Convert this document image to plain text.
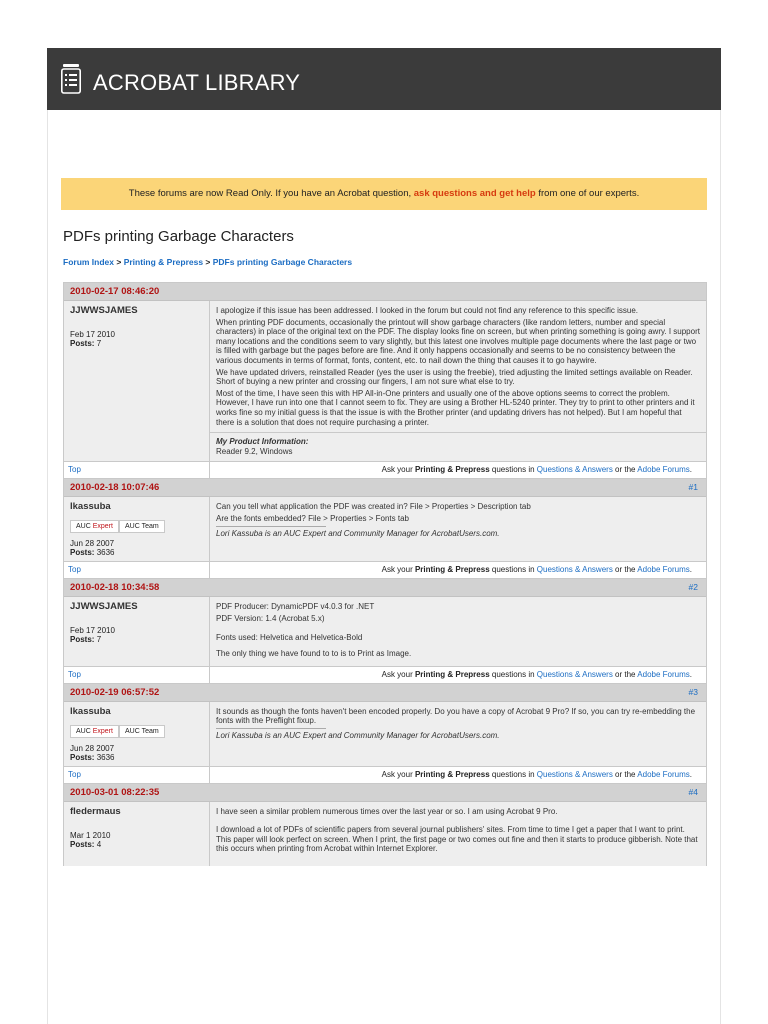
ACROBAT LIBRARY
These forums are now Read Only. If you have an Acrobat question, ask questions and get help from one of our experts.
PDFs printing Garbage Characters
Forum Index > Printing & Prepress > PDFs printing Garbage Characters
2010-02-17 08:46:20
JJWWSJAMES
Feb 17 2010
Posts: 7

I apologize if this issue has been addressed. I looked in the forum but could not find any reference to this specific issue.

When printing PDF documents, occasionally the printout will show garbage characters (like random letters, number and special characters) in place of the original text on the PDF. The display looks fine on screen, but when printing something is going awry. I support many locations and the conditions seem to vary slightly, but this latest one involves multiple page documents where the last page or two is filled with garbage but the pages before are fine. And it only happens occasionally and seems to be no consistency between the various documents in terms of format, fonts, content, etc. to nail down the thing that causes it to go haywire.

We have updated drivers, reinstalled Reader (yes the user is using the freebie), tried adjusting the limited settings available on Reader. Short of buying a new printer and crossing our fingers, I am not sure what else to try.

Most of the time, I have seen this with HP All-in-One printers and usually one of the above options seems to correct the problem. However, I have run into one that I cannot seem to fix. They are using a Brother HL-5240 printer. They try to print to other printers and it works fine so my initial guess is that the issue is with the Brother printer (and updating drivers has not helped). But I am hopeful that there is a solution that does not require purchasing a printer.

My Product Information:
Reader 9.2, Windows
Top	Ask your Printing & Prepress questions in Questions & Answers or the Adobe Forums.
2010-02-18 10:07:46	#1
lkassuba
AUC Expert	AUC Team
Jun 28 2007
Posts: 3636

Can you tell what application the PDF was created in? File > Properties > Description tab

Are the fonts embedded? File > Properties > Fonts tab

Lori Kassuba is an AUC Expert and Community Manager for AcrobatUsers.com.
Top	Ask your Printing & Prepress questions in Questions & Answers or the Adobe Forums.
2010-02-18 10:34:58	#2
JJWWSJAMES
Feb 17 2010
Posts: 7

PDF Producer: DynamicPDF v4.0.3 for .NET

PDF Version: 1.4 (Acrobat 5.x)

Fonts used: Helvetica and Helvetica-Bold

The only thing we have found to to is to Print as Image.

Top	Ask your Printing & Prepress questions in Questions & Answers or the Adobe Forums.
2010-02-19 06:57:52	#3
lkassuba
AUC Expert	AUC Team
Jun 28 2007
Posts: 3636

It sounds as though the fonts haven't been encoded properly. Do you have a copy of Acrobat 9 Pro? If so, you can try re-embedding the fonts with the Preflight fixup.

Lori Kassuba is an AUC Expert and Community Manager for AcrobatUsers.com.
Top	Ask your Printing & Prepress questions in Questions & Answers or the Adobe Forums.
2010-03-01 08:22:35	#4
fledermaus
Mar 1 2010
Posts: 4

I have seen a similar problem numerous times over the last year or so. I am using Acrobat 9 Pro.

I download a lot of PDFs of scientific papers from several journal publishers' sites. From time to time I get a paper that I want to print. This paper will look perfect on screen. When I print, the first page or two comes out fine and then it starts to produce gibberish. Note that this occurs when printing from Acrobat within Internet Explorer.
